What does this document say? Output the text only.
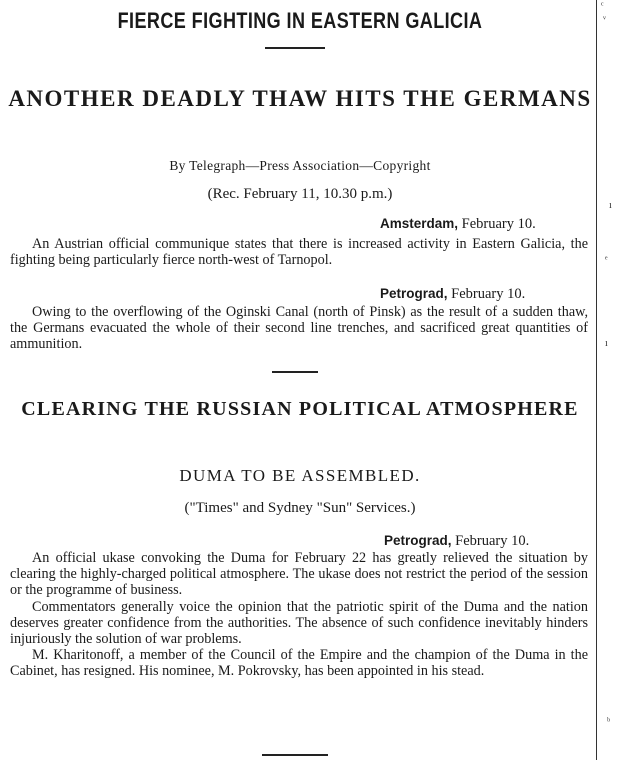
ᶜ
ᵛ
ı
ᵉ
ı
ᵇ
FIERCE FIGHTING IN EASTERN GALICIA
ANOTHER DEADLY THAW HITS THE GERMANS
By Telegraph—Press Association—Copyright
(Rec. February 11, 10.30 p.m.)
Amsterdam, February 10.

An Austrian official communique states that there is increased activity in Eastern Galicia, the fighting being particularly fierce north-west of Tarnopol.

Petrograd, February 10.

Owing to the overflowing of the Oginski Canal (north of Pinsk) as the result of a sudden thaw, the Germans evacuated the whole of their second line trenches, and sacrificed great quantities of ammunition.

CLEARING THE RUSSIAN POLITICAL ATMOSPHERE
DUMA TO BE ASSEMBLED.
("Times" and Sydney "Sun" Services.)
Petrograd, February 10.

An official ukase convoking the Duma for February 22 has greatly relieved the situation by clearing the highly-charged political atmosphere. The ukase does not restrict the period of the session or the programme of business.

Commentators generally voice the opinion that the patriotic spirit of the Duma and the nation deserves greater confidence from the authorities. The absence of such confidence inevitably hinders injuriously the solution of war problems.

M. Kharitonoff, a member of the Council of the Empire and the champion of the Duma in the Cabinet, has resigned. His nominee, M. Pokrovsky, has been appointed in his stead.
